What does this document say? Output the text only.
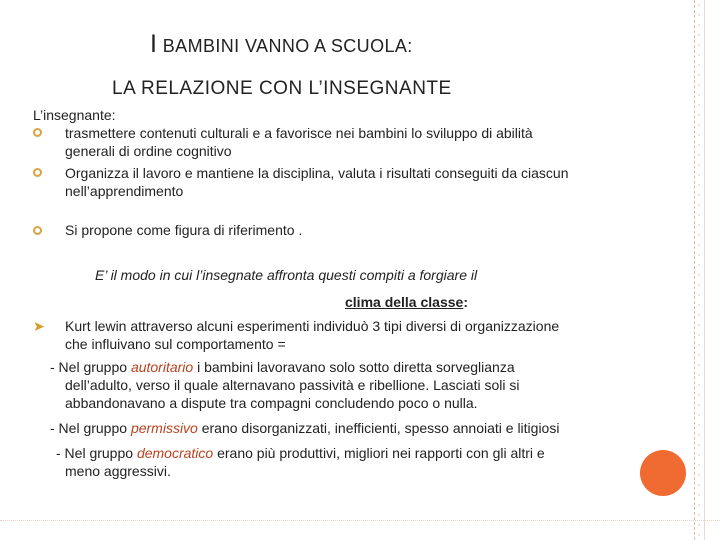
I BAMBINI VANNO A SCUOLA:
LA RELAZIONE CON L’INSEGNANTE
L’insegnante:
trasmettere contenuti culturali e a favorisce nei bambini lo sviluppo di abilità
generali di ordine cognitivo
Organizza il lavoro e mantiene la disciplina, valuta i risultati conseguiti da ciascun
nell’apprendimento
Si propone come figura di riferimento .
E’ il modo in cui l’insegnate affronta questi compiti a forgiare il
clima della classe:
➤ Kurt lewin attraverso alcuni esperimenti individuò 3 tipi diversi di organizzazione
che influivano sul comportamento =
- Nel gruppo autoritario i bambini lavoravano solo sotto diretta sorveglianza
dell’adulto, verso il quale alternavano passività e ribellione. Lasciati soli si
abbandonavano a dispute tra compagni concludendo poco o nulla.
- Nel gruppo permissivo erano disorganizzati, inefficienti, spesso annoiati e litigiosi
- Nel gruppo democratico erano più produttivi, migliori nei rapporti con gli altri e
meno aggressivi.
